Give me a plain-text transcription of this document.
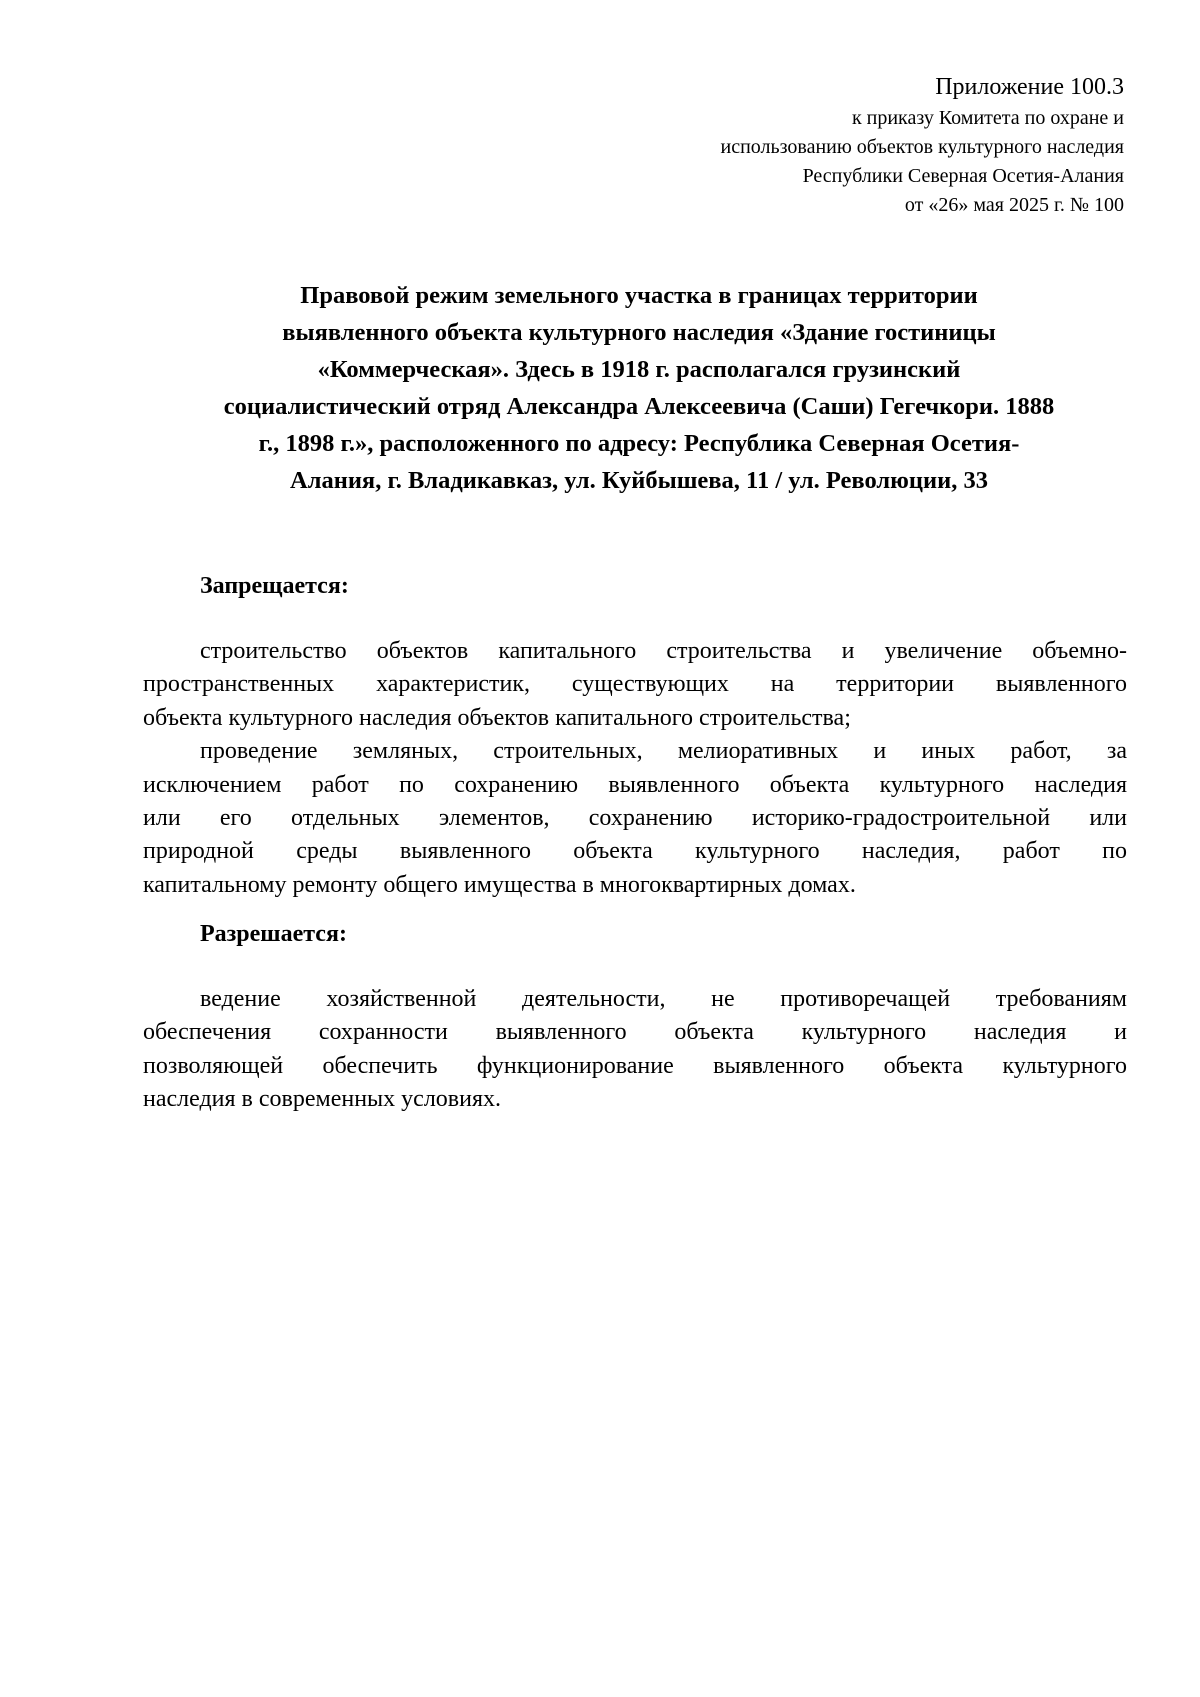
Приложение 100.3

к приказу Комитета по охране и

использованию объектов культурного наследия

Республики Северная Осетия-Алания

от «26» мая 2025 г. № 100

Правовой режим земельного участка в границах территории
выявленного объекта культурного наследия «Здание гостиницы
«Коммерческая». Здесь в 1918 г. располагался грузинский
социалистический отряд Александра Алексеевича (Саши) Гегечкори. 1888
г., 1898 г.», расположенного по адресу: Республика Северная Осетия-
Алания, г. Владикавказ, ул. Куйбышева, 11 / ул. Революции, 33
Запрещается:
строительство объектов капитального строительства и увеличение объемно-
пространственных характеристик, существующих на территории выявленного
объекта культурного наследия объектов капитального строительства;
проведение земляных, строительных, мелиоративных и иных работ, за
исключением работ по сохранению выявленного объекта культурного наследия
или его отдельных элементов, сохранению историко-градостроительной или
природной среды выявленного объекта культурного наследия, работ по
капитальному ремонту общего имущества в многоквартирных домах.
Разрешается:
ведение хозяйственной деятельности, не противоречащей требованиям
обеспечения сохранности выявленного объекта культурного наследия и
позволяющей обеспечить функционирование выявленного объекта культурного
наследия в современных условиях.
